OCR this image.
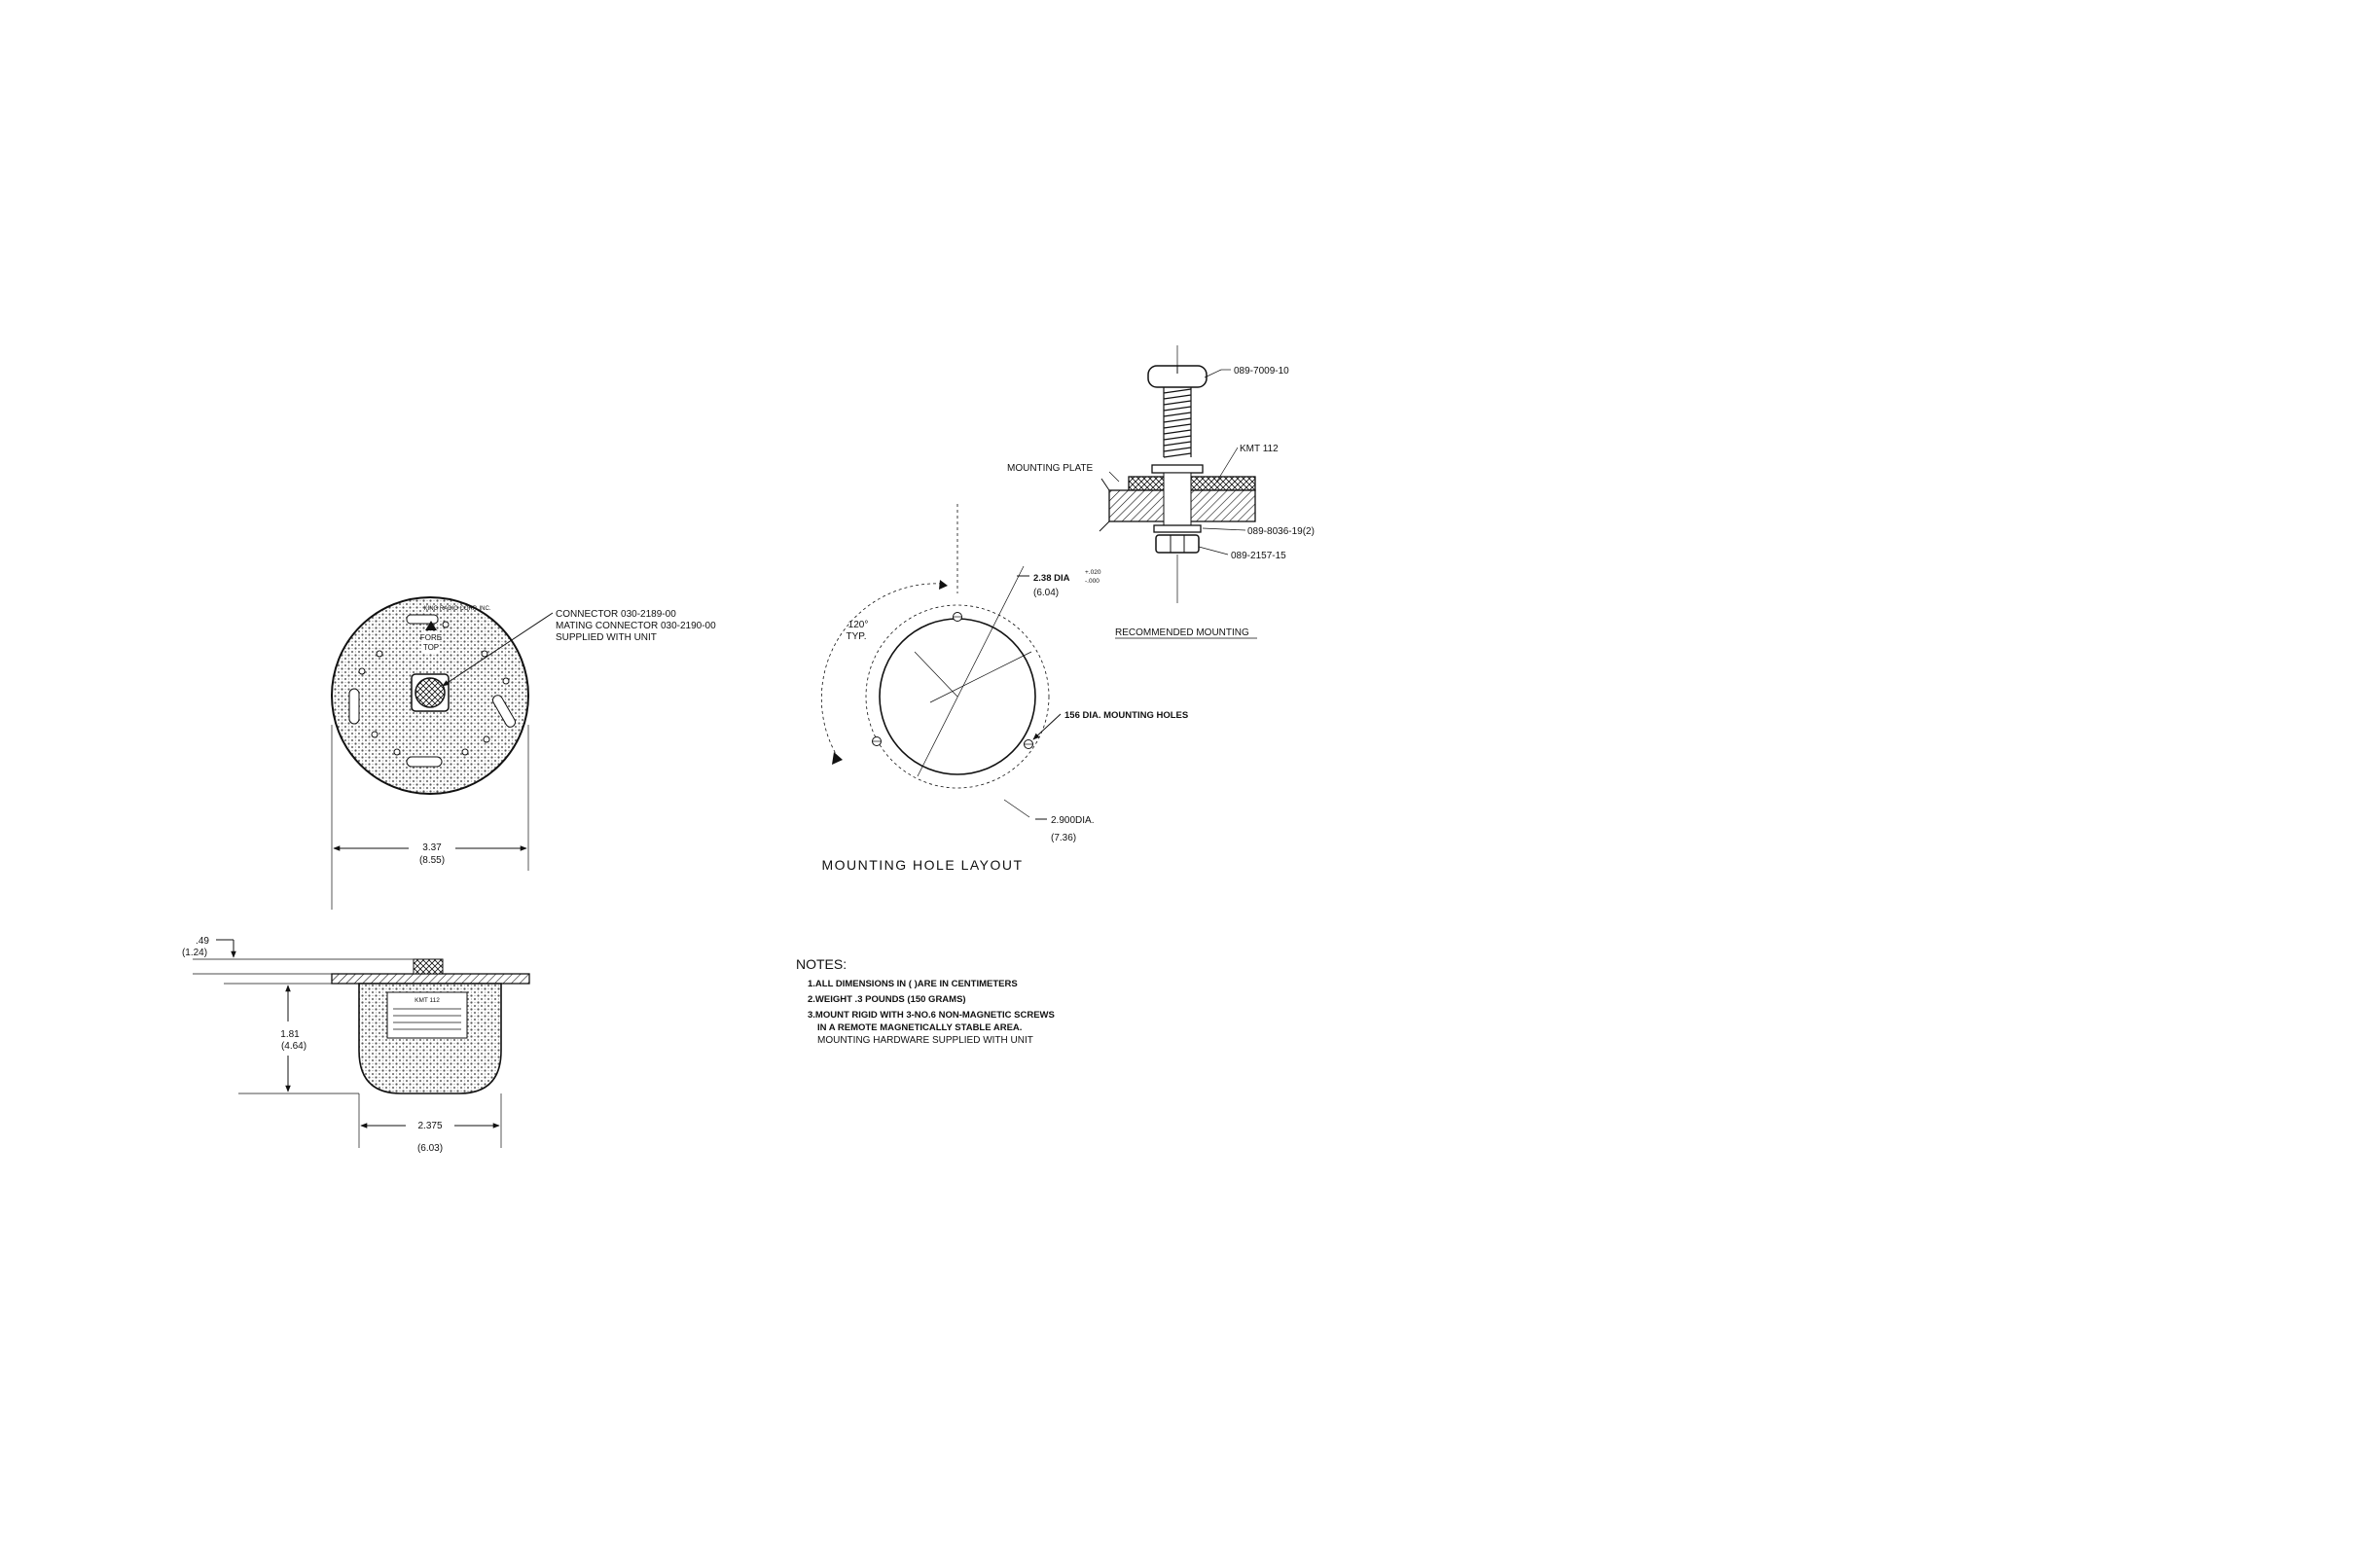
KING RADIO CORP. INC.
FORE
TOP
CONNECTOR 030-2189-00
MATING CONNECTOR 030-2190-00
SUPPLIED WITH UNIT
3.37
(8.55)
KMT 112
.49
(1.24)
1.81
(4.64)
2.375
(6.03)
120°
TYP.
2.38 DIA
+.020
-.000
(6.04)
156 DIA. MOUNTING HOLES
2.900DIA.
(7.36)
MOUNTING HOLE LAYOUT
089-7009-10
KMT 112
MOUNTING PLATE
089-8036-19(2)
089-2157-15
RECOMMENDED MOUNTING
NOTES:
1.ALL DIMENSIONS IN ( )ARE IN CENTIMETERS
2.WEIGHT .3 POUNDS (150 GRAMS)
3.MOUNT RIGID WITH 3-NO.6 NON-MAGNETIC SCREWS
IN A REMOTE MAGNETICALLY STABLE AREA.
MOUNTING HARDWARE SUPPLIED WITH UNIT
